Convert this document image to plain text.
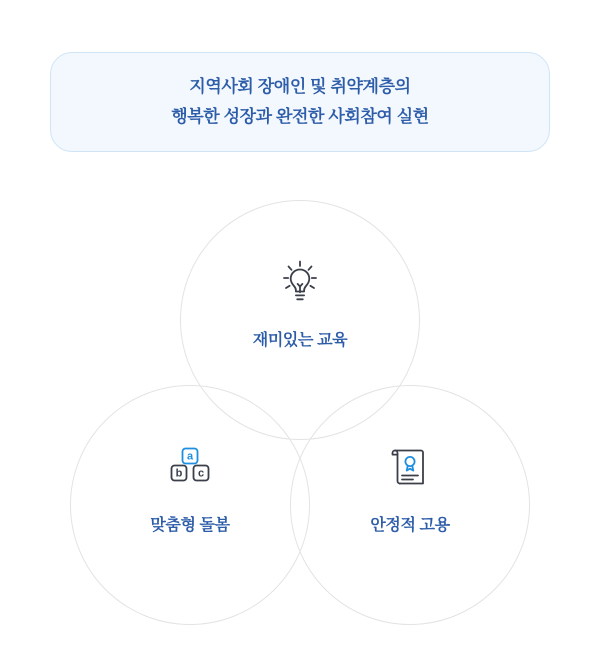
지역사회 장애인 및 취약계층의
행복한 성장과 완전한 사회참여 실현
재미있는 교육
a
b c
맞춤형 돌봄	안정적 고용
